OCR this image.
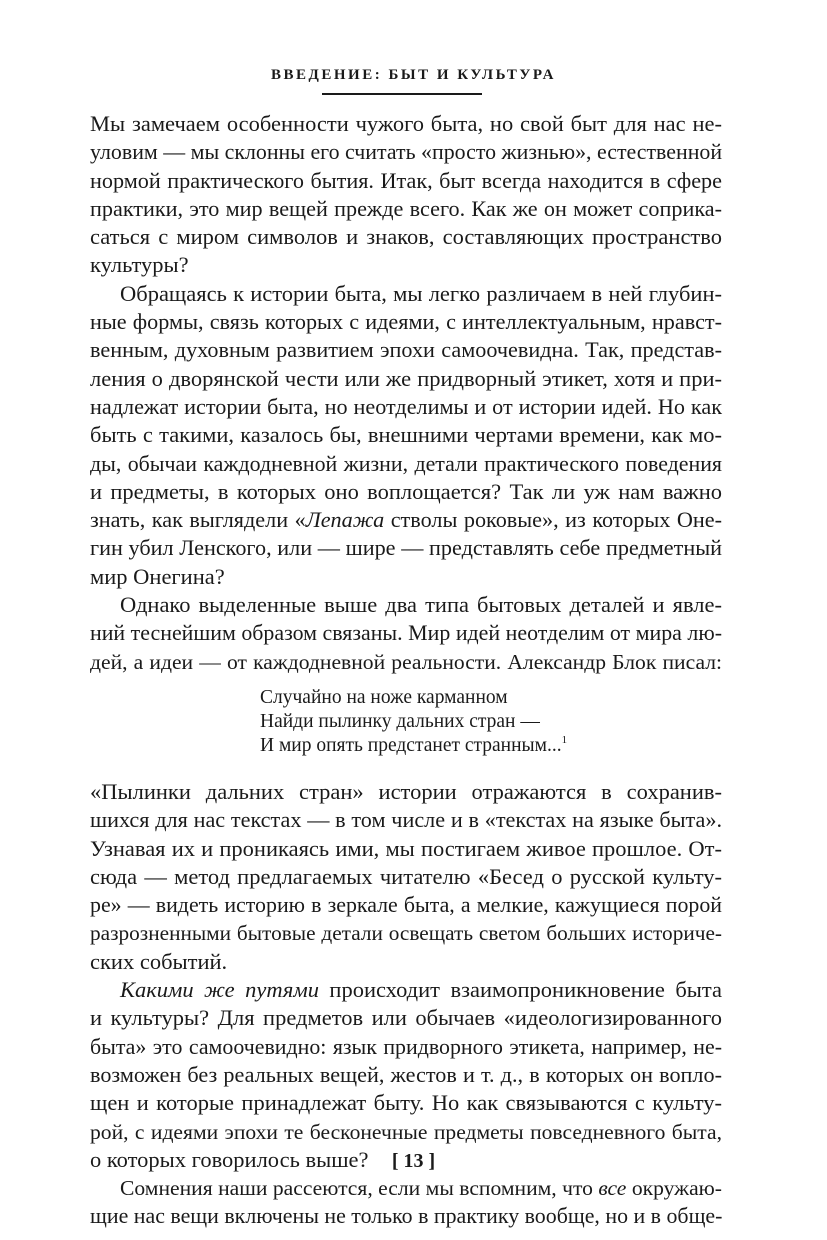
ВВЕДЕНИЕ: БЫТ И КУЛЬТУРА

Мы замечаем особенности чужого быта, но свой быт для нас не-
уловим — мы склонны его считать «просто жизнью», естественной
нормой практического бытия. Итак, быт всегда находится в сфере
практики, это мир вещей прежде всего. Как же он может соприка-
саться с миром символов и знаков, составляющих пространство
культуры?

Обращаясь к истории быта, мы легко различаем в ней глубин-
ные формы, связь которых с идеями, с интеллектуальным, нравст-
венным, духовным развитием эпохи самоочевидна. Так, представ-
ления о дворянской чести или же придворный этикет, хотя и при-
надлежат истории быта, но неотделимы и от истории идей. Но как
быть с такими, казалось бы, внешними чертами времени, как мо-
ды, обычаи каждодневной жизни, детали практического поведения
и предметы, в которых оно воплощается? Так ли уж нам важно
знать, как выглядели «Лепажа стволы роковые», из которых Оне-
гин убил Ленского, или — шире — представлять себе предметный
мир Онегина?

Однако выделенные выше два типа бытовых деталей и явле-
ний теснейшим образом связаны. Мир идей неотделим от мира лю-
дей, а идеи — от каждодневной реальности. Александр Блок писал:

Случайно на ноже карманном
Найди пылинку дальних стран —
И мир опять предстанет странным...$^1$

«Пылинки дальних стран» истории отражаются в сохранив-
шихся для нас текстах — в том числе и в «текстах на языке быта».
Узнавая их и проникаясь ими, мы постигаем живое прошлое. От-
сюда — метод предлагаемых читателю «Бесед о русской культу-
ре» — видеть историю в зеркале быта, а мелкие, кажущиеся порой
разрозненными бытовые детали освещать светом больших историче-
ских событий.

Какими же путями происходит взаимопроникновение быта
и культуры? Для предметов или обычаев «идеологизированного
быта» это самоочевидно: язык придворного этикета, например, не-
возможен без реальных вещей, жестов и т. д., в которых он вопло-
щен и которые принадлежат быту. Но как связываются с культу-
рой, с идеями эпохи те бесконечные предметы повседневного быта,
о которых говорилось выше?

Сомнения наши рассеются, если мы вспомним, что все окружаю-
щие нас вещи включены не только в практику вообще, но и в обще-

[ 13 ]
